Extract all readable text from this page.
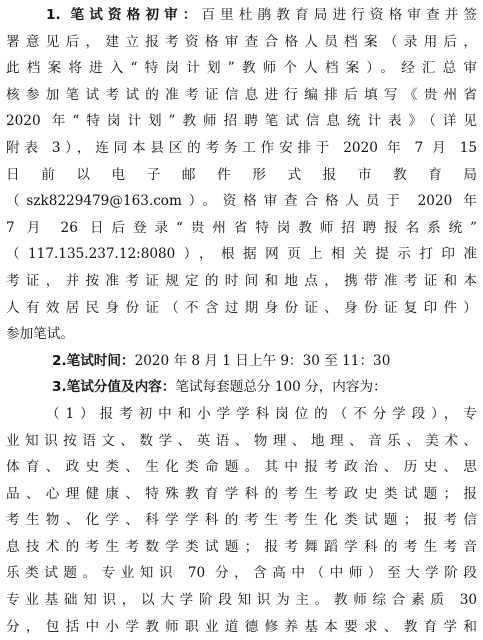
1. 笔试资格初审：百里杜鹃教育局进行资格审查并签
署意见后，建立报考资格审查合格人员档案（录用后，
此档案将进入“特岗计划”教师个人档案）。经汇总审
核参加笔试考试的准考证信息进行编排后填写《贵州省
2020 年“特岗计划”教师招聘笔试信息统计表》（详见
附表 3），连同本县区的考务工作安排于 2020 年 7 月 15
日 前 以 电 子 邮 件 形 式 报 市 教 育 局
（szk8229479@163.com）。资格审查合格人员于 2020 年
7 月 26 日后登录“贵州省特岗教师招聘报名系统”
（117.135.237.12:8080），根据网页上相关提示打印准
考证，并按准考证规定的时间和地点，携带准考证和本
人有效居民身份证（不含过期身份证、身份证复印件）
参加笔试。
2.笔试时间：2020 年 8 月 1 日上午 9：30 至 11：30
3.笔试分值及内容：笔试每套题总分 100 分，内容为：
（1）报考初中和小学学科岗位的（不分学段），专
业知识按语文、数学、英语、物理、地理、音乐、美术、
体育、政史类、生化类命题。其中报考政治、历史、思
品、心理健康、特殊教育学科的考生考政史类试题；报
考生物、化学、科学学科的考生考生化类试题；报考信
息技术的考生考数学类试题；报考舞蹈学科的考生考音
乐类试题。专业知识 70 分，含高中（中师）至大学阶段
专业基础知识，以大学阶段知识为主。教师综合素质 30
分，包括中小学教师职业道德修养基本要求、教育学和
